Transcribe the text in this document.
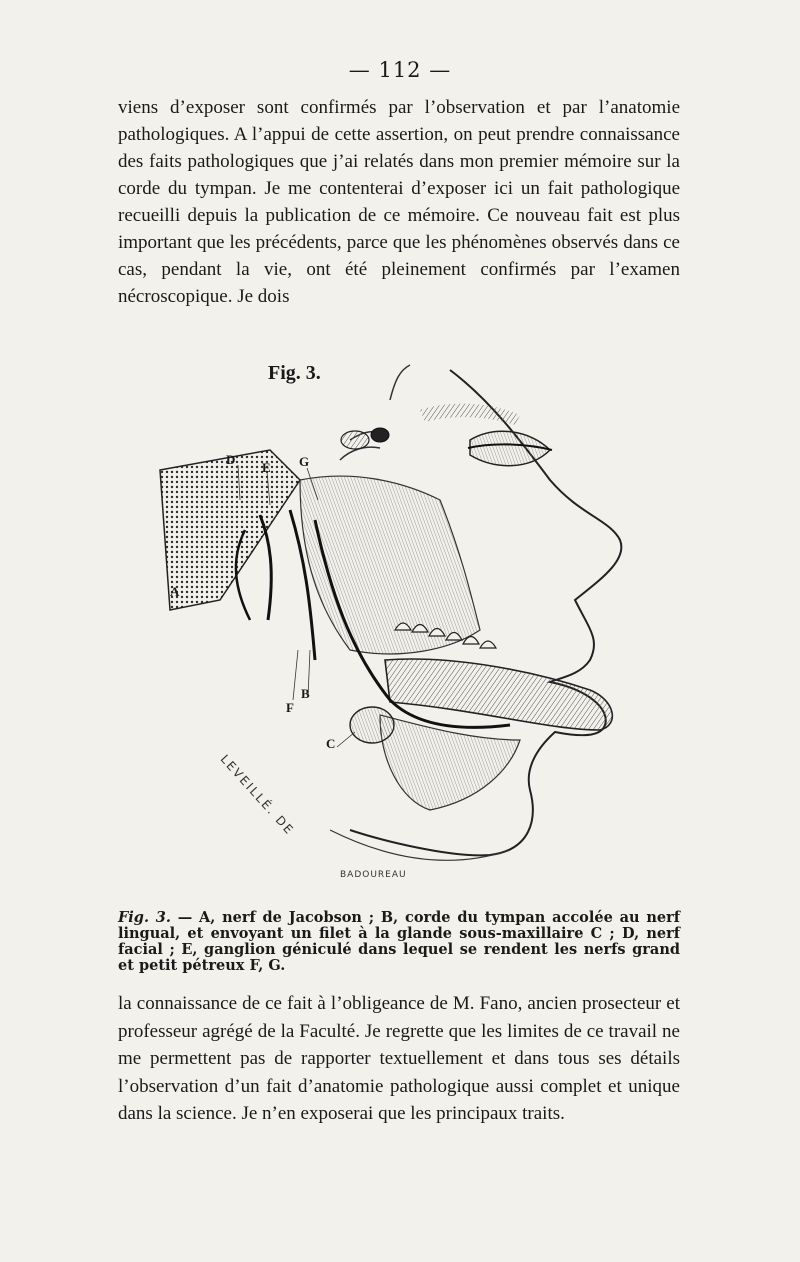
— 112 —

viens d’exposer sont confirmés par l’observation et par l’anatomie pathologiques. A l’appui de cette assertion, on peut prendre connaissance des faits pathologiques que j’ai relatés dans mon premier mémoire sur la corde du tympan. Je me contenterai d’exposer ici un fait pathologique recueilli depuis la publication de ce mémoire. Ce nouveau fait est plus important que les précédents, parce que les phénomènes observés dans ce cas, pendant la vie, ont été pleinement confirmés par l’examen nécroscopique. Je dois

Fig. 3.
D
E G
F
B
C
A
LEVEILLÉ. DE
BADOUREAU

Fig. 3. — A, nerf de Jacobson ; B, corde du tympan accolée au nerf lingual, et envoyant un filet à la glande sous-maxillaire C ; D, nerf facial ; E, ganglion géniculé dans lequel se rendent les nerfs grand et petit pétreux F, G.

la connaissance de ce fait à l’obligeance de M. Fano, ancien prosecteur et professeur agrégé de la Faculté. Je regrette que les limites de ce travail ne me permettent pas de rapporter textuellement et dans tous ses détails l’observation d’un fait d’anatomie pathologique aussi complet et unique dans la science. Je n’en exposerai que les principaux traits.
